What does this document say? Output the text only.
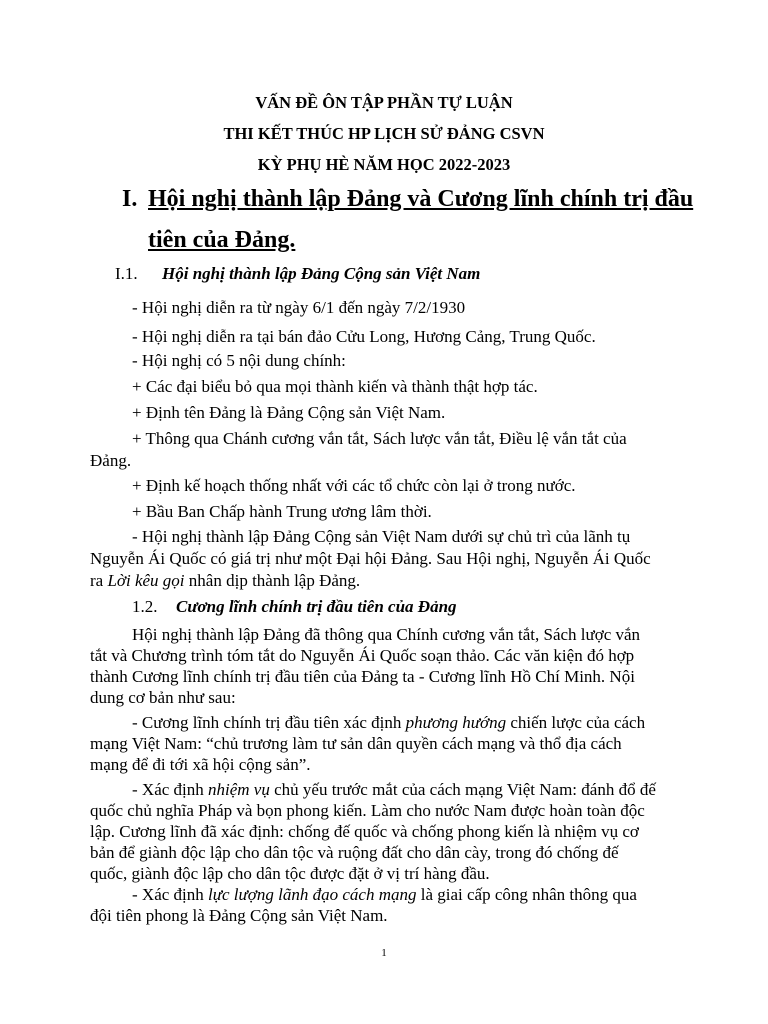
VẤN ĐỀ ÔN TẬP PHẦN TỰ LUẬN
THI KẾT THÚC HP LỊCH SỬ ĐẢNG CSVN
KỲ PHỤ HÈ NĂM HỌC 2022-2023
I. Hội nghị thành lập Đảng và Cương lĩnh chính trị đầu
tiên của Đảng.
I.1. Hội nghị thành lập Đảng Cộng sản Việt Nam
- Hội nghị diễn ra từ ngày 6/1 đến ngày 7/2/1930
- Hội nghị diễn ra tại bán đảo Cửu Long, Hương Cảng, Trung Quốc.
- Hội nghị có 5 nội dung chính:
+ Các đại biểu bỏ qua mọi thành kiến và thành thật hợp tác.
+ Định tên Đảng là Đảng Cộng sản Việt Nam.
+ Thông qua Chánh cương vắn tắt, Sách lược vắn tắt, Điều lệ vắn tắt của
Đảng.
+ Định kế hoạch thống nhất với các tổ chức còn lại ở trong nước.
+ Bầu Ban Chấp hành Trung ương lâm thời.
- Hội nghị thành lập Đảng Cộng sản Việt Nam dưới sự chủ trì của lãnh tụ
Nguyễn Ái Quốc có giá trị như một Đại hội Đảng. Sau Hội nghị, Nguyễn Ái Quốc
ra Lời kêu gọi nhân dịp thành lập Đảng.
1.2. Cương lĩnh chính trị đầu tiên của Đảng
Hội nghị thành lập Đảng đã thông qua Chính cương vắn tắt, Sách lược vắn
tắt và Chương trình tóm tắt do Nguyễn Ái Quốc soạn thảo. Các văn kiện đó hợp
thành Cương lĩnh chính trị đầu tiên của Đảng ta - Cương lĩnh Hồ Chí Minh. Nội
dung cơ bản như sau:
- Cương lĩnh chính trị đầu tiên xác định phương hướng chiến lược của cách
mạng Việt Nam: “chủ trương làm tư sản dân quyền cách mạng và thổ địa cách
mạng để đi tới xã hội cộng sản”.
- Xác định nhiệm vụ chủ yếu trước mắt của cách mạng Việt Nam: đánh đổ đế
quốc chủ nghĩa Pháp và bọn phong kiến. Làm cho nước Nam được hoàn toàn độc
lập. Cương lĩnh đã xác định: chống đế quốc và chống phong kiến là nhiệm vụ cơ
bản để giành độc lập cho dân tộc và ruộng đất cho dân cày, trong đó chống đế
quốc, giành độc lập cho dân tộc được đặt ở vị trí hàng đầu.
- Xác định lực lượng lãnh đạo cách mạng là giai cấp công nhân thông qua
đội tiên phong là Đảng Cộng sản Việt Nam.
1
